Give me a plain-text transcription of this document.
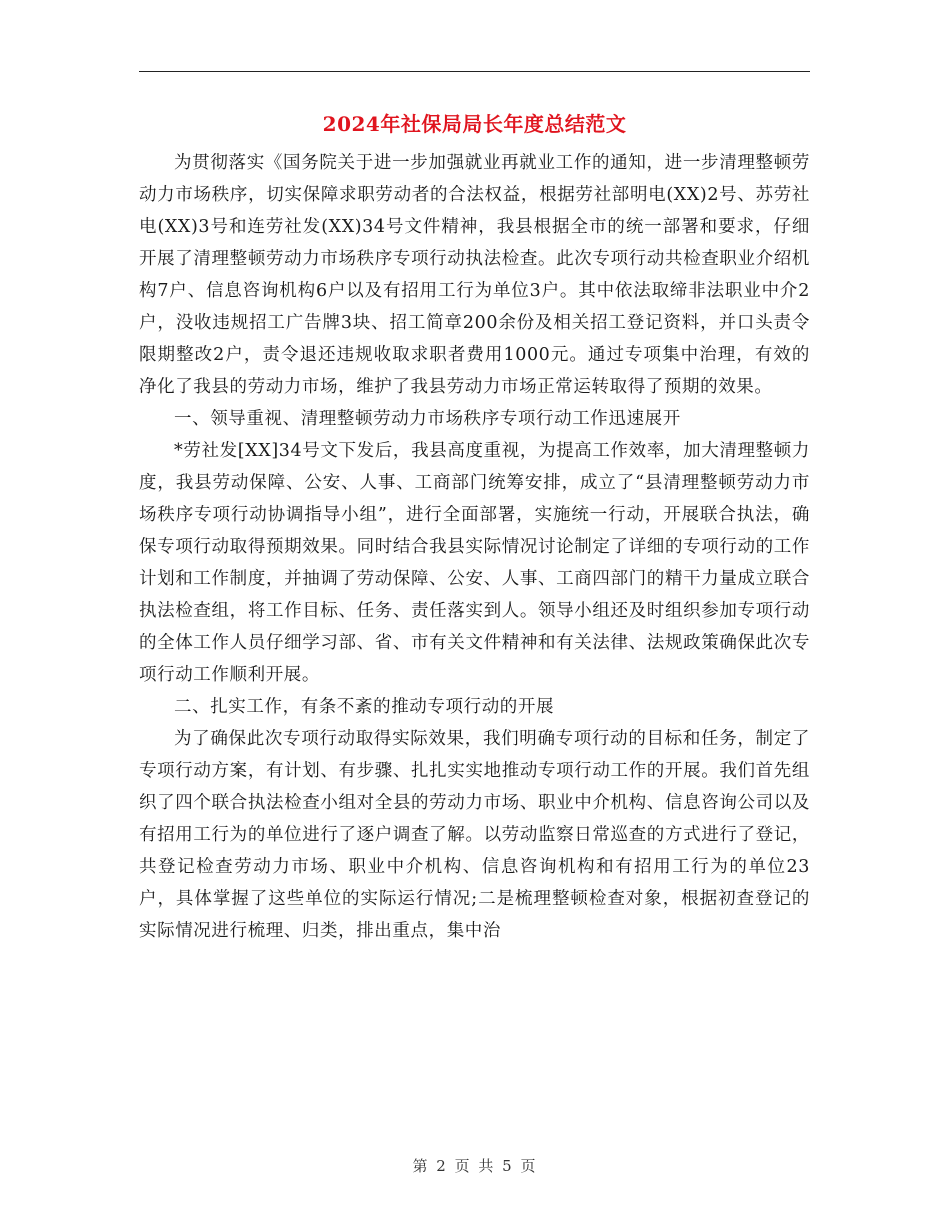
2024年社保局局长年度总结范文

为贯彻落实《国务院关于进一步加强就业再就业工作的通知，进一步清理整顿劳动力市场秩序，切实保障求职劳动者的合法权益，根据劳社部明电(XX)2号、苏劳社电(XX)3号和连劳社发(XX)34号文件精神，我县根据全市的统一部署和要求，仔细开展了清理整顿劳动力市场秩序专项行动执法检查。此次专项行动共检查职业介绍机构7户、信息咨询机构6户以及有招用工行为单位3户。其中依法取缔非法职业中介2户，没收违规招工广告牌3块、招工简章200余份及相关招工登记资料，并口头责令限期整改2户，责令退还违规收取求职者费用1000元。通过专项集中治理，有效的净化了我县的劳动力市场，维护了我县劳动力市场正常运转取得了预期的效果。

一、领导重视、清理整顿劳动力市场秩序专项行动工作迅速展开

*劳社发[XX]34号文下发后，我县高度重视，为提高工作效率，加大清理整顿力度，我县劳动保障、公安、人事、工商部门统筹安排，成立了“县清理整顿劳动力市场秩序专项行动协调指导小组”，进行全面部署，实施统一行动，开展联合执法，确保专项行动取得预期效果。同时结合我县实际情况讨论制定了详细的专项行动的工作计划和工作制度，并抽调了劳动保障、公安、人事、工商四部门的精干力量成立联合执法检查组，将工作目标、任务、责任落实到人。领导小组还及时组织参加专项行动的全体工作人员仔细学习部、省、市有关文件精神和有关法律、法规政策确保此次专项行动工作顺利开展。

二、扎实工作，有条不紊的推动专项行动的开展

为了确保此次专项行动取得实际效果，我们明确专项行动的目标和任务，制定了专项行动方案，有计划、有步骤、扎扎实实地推动专项行动工作的开展。我们首先组织了四个联合执法检查小组对全县的劳动力市场、职业中介机构、信息咨询公司以及有招用工行为的单位进行了逐户调查了解。以劳动监察日常巡查的方式进行了登记，共登记检查劳动力市场、职业中介机构、信息咨询机构和有招用工行为的单位23户，具体掌握了这些单位的实际运行情况;二是梳理整顿检查对象，根据初查登记的实际情况进行梳理、归类，排出重点，集中治

第 2 页 共 5 页
